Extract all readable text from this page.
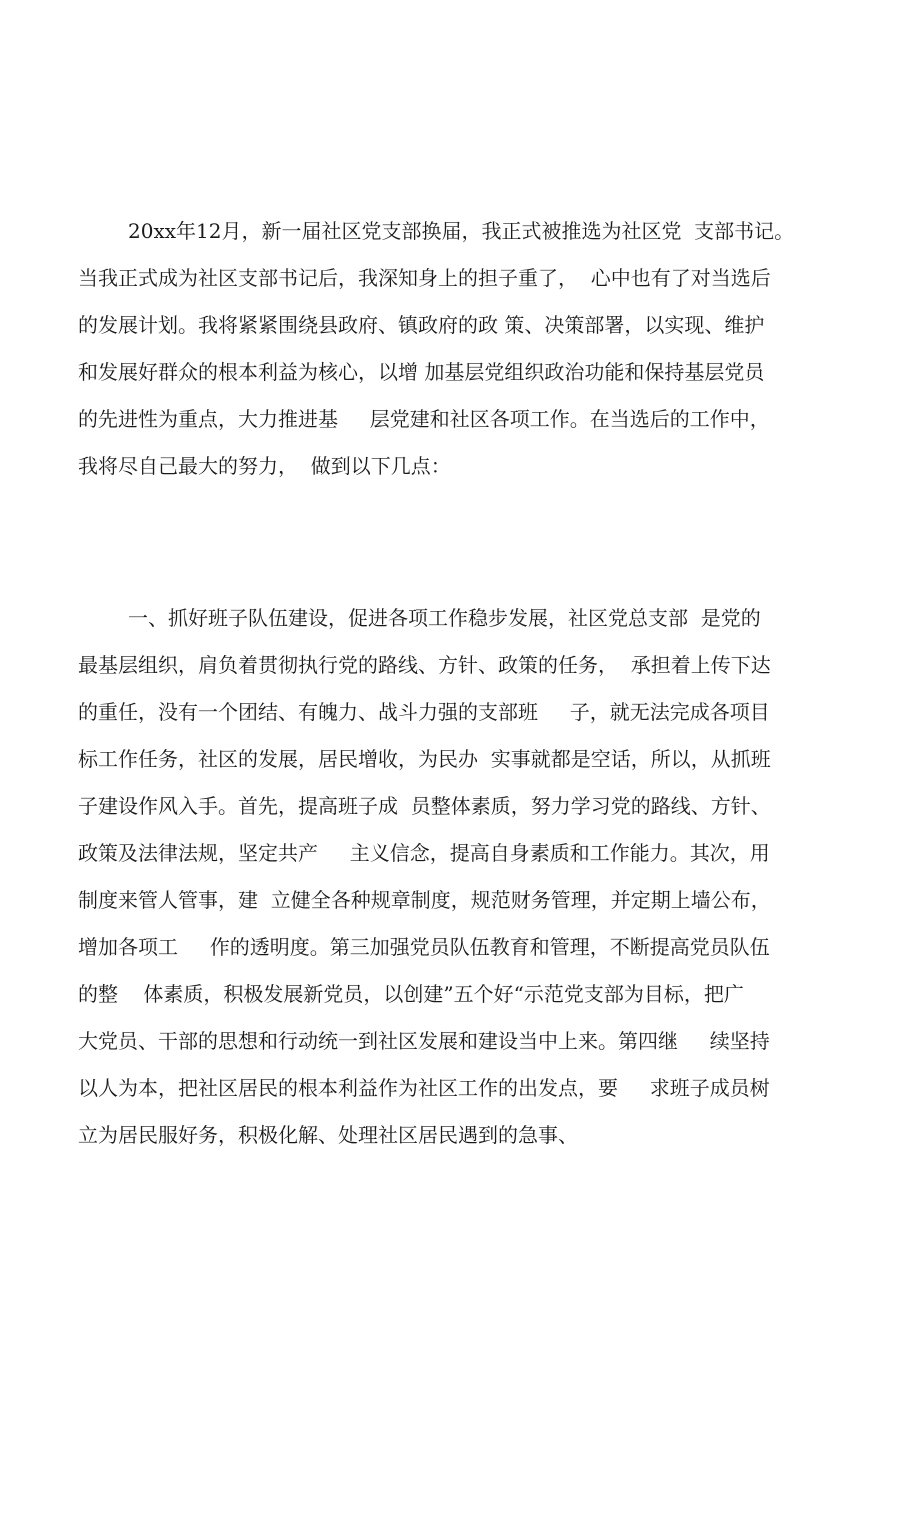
20xx年12月，新一届社区党支部换届，我正式被推选为社区党  支部书记。
当我正式成为社区支部书记后，我深知身上的担子重了，  心中也有了对当选后
的发展计划。我将紧紧围绕县政府、镇政府的政 策、决策部署，以实现、维护
和发展好群众的根本利益为核心，以增 加基层党组织政治功能和保持基层党员
的先进性为重点，大力推进基     层党建和社区各项工作。在当选后的工作中，
我将尽自己最大的努力，  做到以下几点：
一、抓好班子队伍建设，促进各项工作稳步发展，社区党总支部  是党的
最基层组织，肩负着贯彻执行党的路线、方针、政策的任务，  承担着上传下达
的重任，没有一个团结、有魄力、战斗力强的支部班     子，就无法完成各项目
标工作任务，社区的发展，居民增收，为民办  实事就都是空话，所以，从抓班
子建设作风入手。首先，提高班子成  员整体素质，努力学习党的路线、方针、
政策及法律法规，坚定共产     主义信念，提高自身素质和工作能力。其次，用
制度来管人管事，建  立健全各种规章制度，规范财务管理，并定期上墙公布，
增加各项工     作的透明度。第三加强党员队伍教育和管理，不断提高党员队伍
的整    体素质，积极发展新党员，以创建”五个好“示范党支部为目标，把广
大党员、干部的思想和行动统一到社区发展和建设当中上来。第四继     续坚持
以人为本，把社区居民的根本利益作为社区工作的出发点，要     求班子成员树
立为居民服好务，积极化解、处理社区居民遇到的急事、
